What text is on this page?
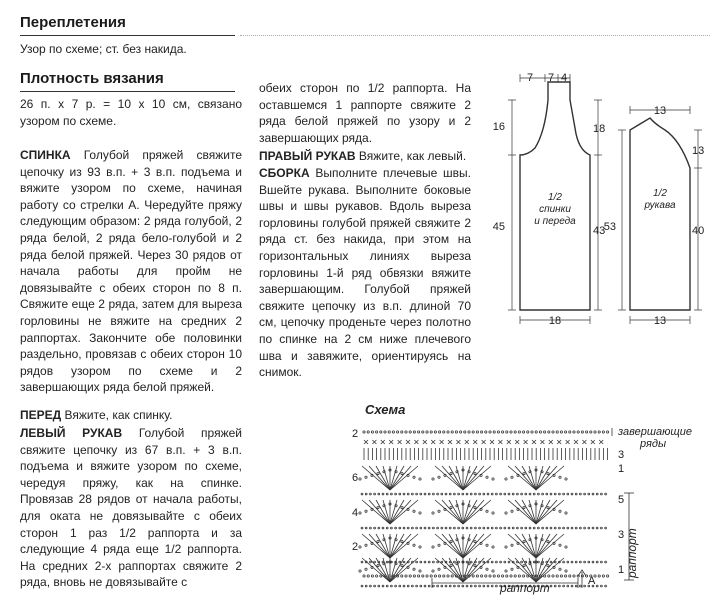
Переплетения
Узор по схеме; ст. без накида.
Плотность вязания
26 п. х 7 р. = 10 х 10 см, связано узором по схеме.
СПИНКА Голубой пряжей свяжите цепочку из 93 в.п. + 3 в.п. подъема и вяжите узором по схеме, начиная работу со стрелки А. Чередуйте пряжу следующим образом: 2 ряда голубой, 2 ряда белой, 2 ряда бело-голубой и 2 ряда белой пряжей. Через 30 рядов от начала работы для пройм не довязывайте с обеих сторон по 8 п. Свяжите еще 2 ряда, затем для выреза горловины не вяжите на средних 2 раппортах. Закончите обе половинки раздельно, провязав с обеих сторон 10 рядов узором по схеме и 2 завершающих ряда белой пряжей.
ПЕРЕД Вяжите, как спинку.
ЛЕВЫЙ РУКАВ Голубой пряжей свяжите цепочку из 67 в.п. + 3 в.п. подъема и вяжите узором по схеме, чередуя пряжу, как на спинке. Провязав 28 рядов от начала работы, для оката не довязывайте с обеих сторон 1 раз 1/2 раппорта и за следующие 4 ряда еще 1/2 раппорта. На средних 2-х раппортах свяжите 2 ряда, вновь не довязывайте с
обеих сторон по 1/2 раппорта. На оставшемся 1 раппорте свяжите 2 ряда белой пряжей по узору и 2 завершающих ряда.
ПРАВЫЙ РУКАВ Вяжите, как левый.
СБОРКА Выполните плечевые швы. Вшейте рукава. Выполните боковые швы и швы рукавов. Вдоль выреза горловины голубой пряжей свяжите 2 ряда ст. без накида, при этом на горизонтальных линиях выреза горловины 1-й ряд обвязки вяжите завершающим. Голубой пряжей свяжите цепочку из в.п. длиной 70 см, цепочку проденьте через полотно по спинке на 2 см ниже плечевого шва и завяжите, ориентируясь на снимок.
7 7 4
16
45
18
43
18
1/2
спинки
и переда
13
53
13
40
13
1/2
рукава
Схема
завершающие
ряды
2
6
4
2
3
1
5
3
1
раппорт	А
раппорт
